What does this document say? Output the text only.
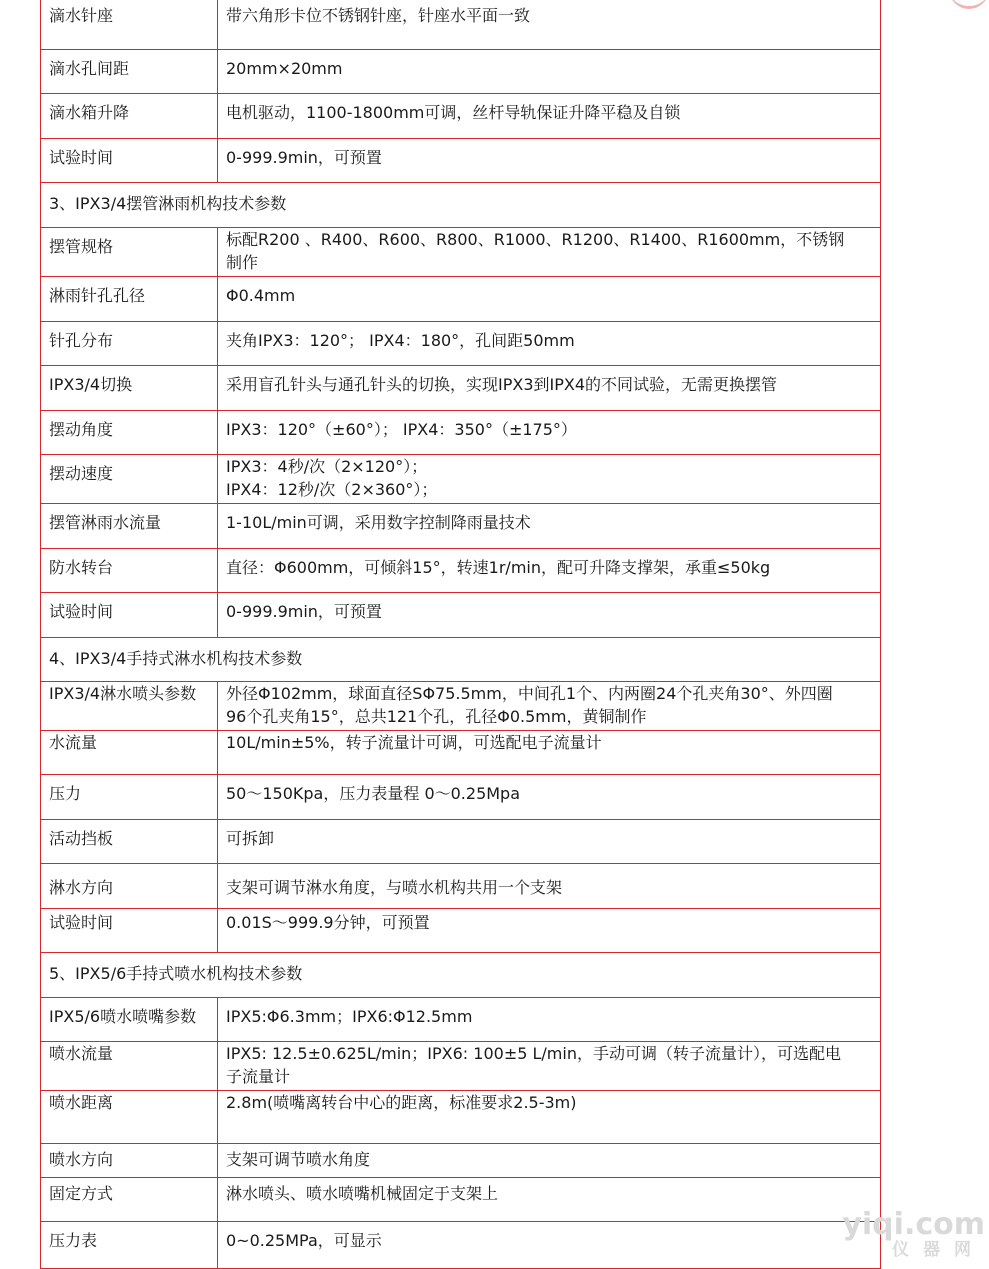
滴水针座	带六角形卡位不锈钢针座，针座水平面一致

滴水孔间距	20mm×20mm

滴水箱升降	电机驱动，1100-1800mm可调，丝杆导轨保证升降平稳及自锁

试验时间	0-999.9min，可预置

3、IPX3/4摆管淋雨机构技术参数	
摆管规格	标配R200 、R400、R600、R800、R1000、R1200、R1400、R1600mm，不锈钢
制作

淋雨针孔孔径	Φ0.4mm

针孔分布	夹角IPX3：120°； IPX4：180°，孔间距50mm

IPX3/4切换	采用盲孔针头与通孔针头的切换，实现IPX3到IPX4的不同试验，无需更换摆管

摆动角度	IPX3：120°（±60°）； IPX4：350°（±175°）

摆动速度	IPX3：4秒/次（2×120°）；
IPX4：12秒/次（2×360°）；

摆管淋雨水流量	1-10L/min可调，采用数字控制降雨量技术

防水转台	直径：Φ600mm，可倾斜15°，转速1r/min，配可升降支撑架，承重≤50kg

试验时间	0-999.9min，可预置

4、IPX3/4手持式淋水机构技术参数	
IPX3/4淋水喷头参数	外径Φ102mm，球面直径SΦ75.5mm，中间孔1个、内两圈24个孔夹角30°、外四圈
96个孔夹角15°，总共121个孔，孔径Φ0.5mm，黄铜制作

水流量	10L/min±5%，转子流量计可调，可选配电子流量计

压力	50～150Kpa，压力表量程 0～0.25Mpa

活动挡板	可拆卸

淋水方向	支架可调节淋水角度，与喷水机构共用一个支架

试验时间	0.01S～999.9分钟，可预置

5、IPX5/6手持式喷水机构技术参数	
IPX5/6喷水喷嘴参数	IPX5:Φ6.3mm；IPX6:Φ12.5mm

喷水流量	IPX5: 12.5±0.625L/min；IPX6: 100±5 L/min，手动可调（转子流量计），可选配电
子流量计

喷水距离	2.8m(喷嘴离转台中心的距离，标准要求2.5-3m)

喷水方向	支架可调节喷水角度

固定方式	淋水喷头、喷水喷嘴机械固定于支架上

压力表	0~0.25MPa，可显示	yiqi.com
仪器网
